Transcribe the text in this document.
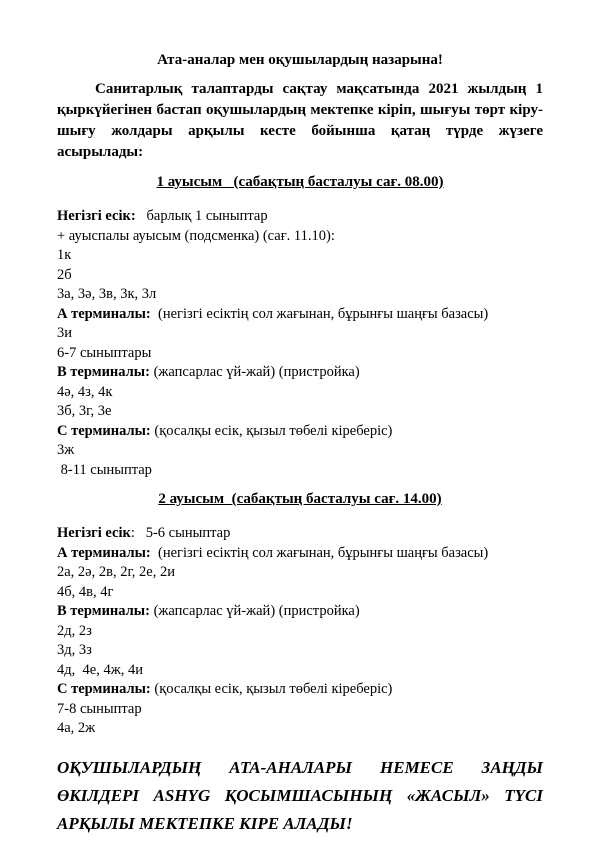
Ата-аналар мен оқушылардың назарына!

Санитарлық талаптарды сақтау мақсатында 2021 жылдың 1 қыркүйегінен бастап оқушылардың мектепке кіріп, шығуы төрт кіру-шығу жолдары арқылы кесте бойынша қатаң түрде жүзеге асырылады:

1 ауысым   (сабақтың басталуы сағ. 08.00)

Негізгі есік:   барлық 1 сыныптар

+ ауыспалы ауысым (подсменка) (сағ. 11.10):

1к

2б

3а, 3ә, 3в, 3к, 3л

А терминалы:  (негізгі есіктің сол жағынан, бұрынғы шаңғы базасы)

3и

6-7 сыныптары

В терминалы: (жапсарлас үй-жай) (пристройка)

4ә, 4з, 4к

3б, 3г, 3е

С терминалы: (қосалқы есік, қызыл төбелі кіреберіс)

3ж

8-11 сыныптар

2 ауысым  (сабақтың басталуы сағ. 14.00)

Негізгі есік:   5-6 сыныптар

А терминалы:  (негізгі есіктің сол жағынан, бұрынғы шаңғы базасы)

2а, 2ә, 2в, 2г, 2е, 2и

4б, 4в, 4г

В терминалы: (жапсарлас үй-жай) (пристройка)

2д, 2з

3д, 3з

4д,  4е, 4ж, 4и

С терминалы: (қосалқы есік, қызыл төбелі кіреберіс)

7-8 сыныптар

4а, 2ж

ОҚУШЫЛАРДЫҢ АТА-АНАЛАРЫ НЕМЕСЕ ЗАҢДЫ ӨКІЛДЕРІ ASHYG ҚОСЫМШАСЫНЫҢ «ЖАСЫЛ» ТҮСІ АРҚЫЛЫ МЕКТЕПКЕ КІРЕ АЛАДЫ!
